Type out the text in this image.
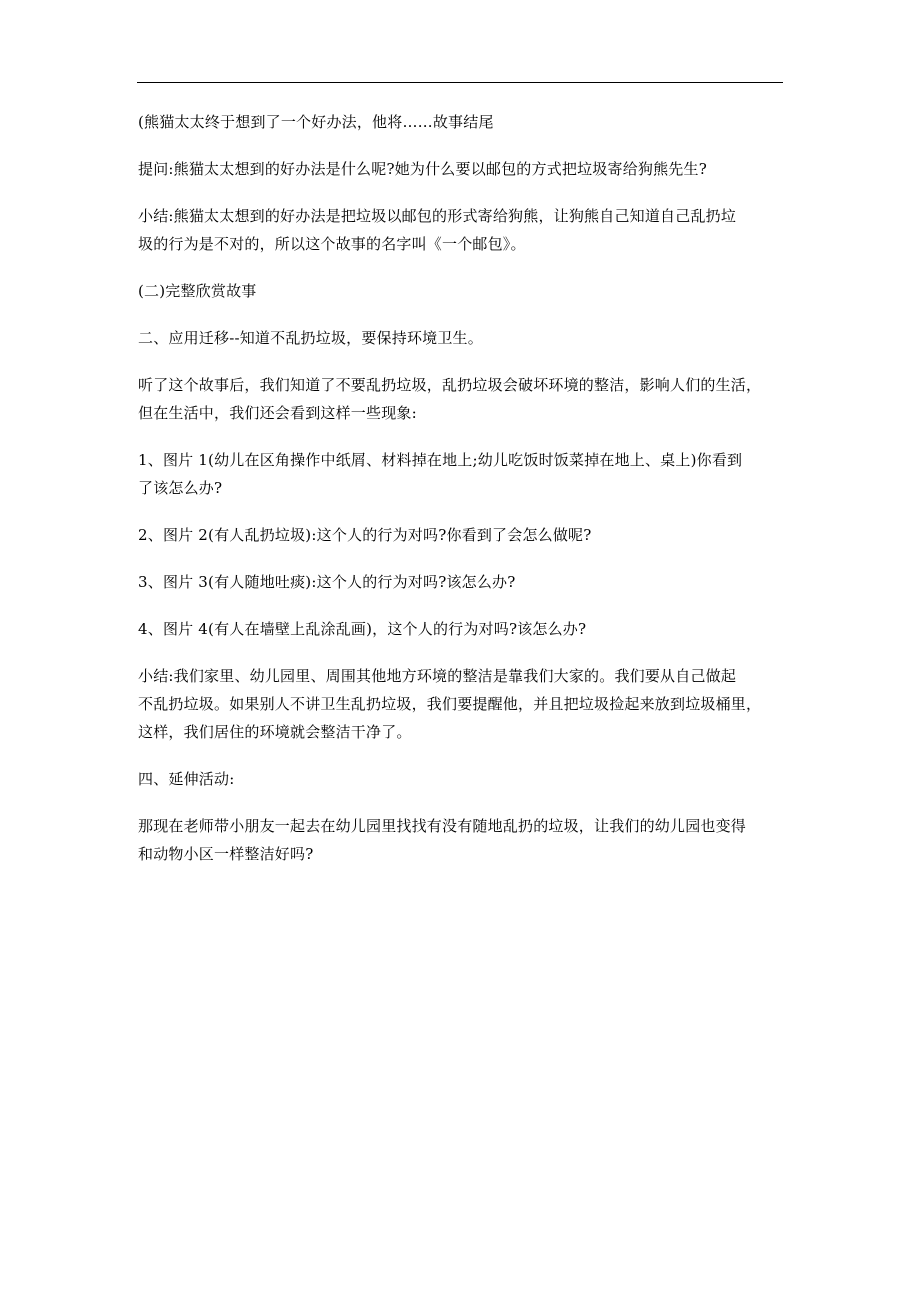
(熊猫太太终于想到了一个好办法，他将……故事结尾

提问:熊猫太太想到的好办法是什么呢?她为什么要以邮包的方式把垃圾寄给狗熊先生?

小结:熊猫太太想到的好办法是把垃圾以邮包的形式寄给狗熊，让狗熊自己知道自己乱扔垃
圾的行为是不对的，所以这个故事的名字叫《一个邮包》。

(二)完整欣赏故事

二、应用迁移--知道不乱扔垃圾，要保持环境卫生。

听了这个故事后，我们知道了不要乱扔垃圾，乱扔垃圾会破坏环境的整洁，影响人们的生活，
但在生活中，我们还会看到这样一些现象:

1、图片 1(幼儿在区角操作中纸屑、材料掉在地上;幼儿吃饭时饭菜掉在地上、桌上)你看到
了该怎么办?

2、图片 2(有人乱扔垃圾):这个人的行为对吗?你看到了会怎么做呢?

3、图片 3(有人随地吐痰):这个人的行为对吗?该怎么办?

4、图片 4(有人在墙壁上乱涂乱画)，这个人的行为对吗?该怎么办?

小结:我们家里、幼儿园里、周围其他地方环境的整洁是靠我们大家的。我们要从自己做起
不乱扔垃圾。如果别人不讲卫生乱扔垃圾，我们要提醒他，并且把垃圾捡起来放到垃圾桶里，
这样，我们居住的环境就会整洁干净了。

四、延伸活动:

那现在老师带小朋友一起去在幼儿园里找找有没有随地乱扔的垃圾，让我们的幼儿园也变得
和动物小区一样整洁好吗?
